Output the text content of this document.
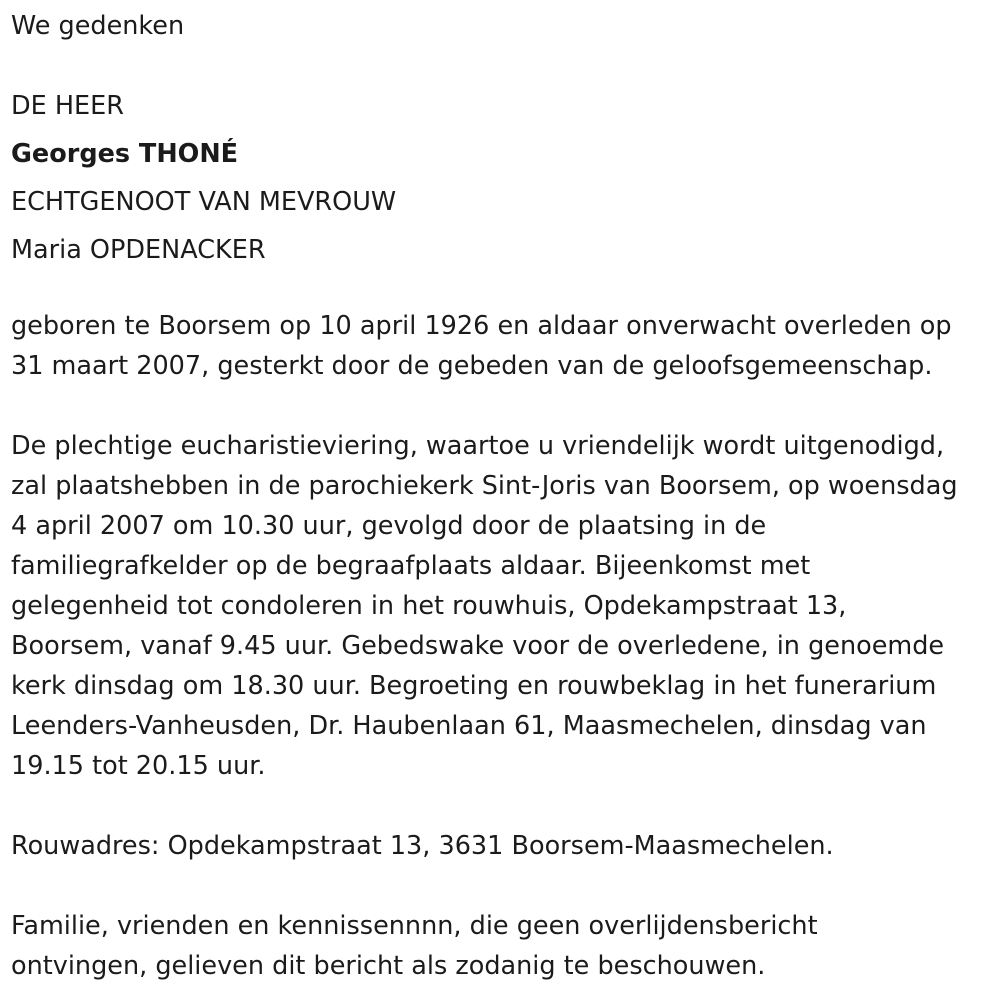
We gedenken

DE HEER

Georges THONÉ

ECHTGENOOT VAN MEVROUW

Maria OPDENACKER

geboren te Boorsem op 10 april 1926 en aldaar onverwacht overleden op
31 maart 2007, gesterkt door de gebeden van de geloofsgemeenschap.

De plechtige eucharistieviering, waartoe u vriendelijk wordt uitgenodigd,
zal plaatshebben in de parochiekerk Sint-Joris van Boorsem, op woensdag
4 april 2007 om 10.30 uur, gevolgd door de plaatsing in de
familiegrafkelder op de begraafplaats aldaar. Bijeenkomst met
gelegenheid tot condoleren in het rouwhuis, Opdekampstraat 13,
Boorsem, vanaf 9.45 uur. Gebedswake voor de overledene, in genoemde
kerk dinsdag om 18.30 uur. Begroeting en rouwbeklag in het funerarium
Leenders-Vanheusden, Dr. Haubenlaan 61, Maasmechelen, dinsdag van
19.15 tot 20.15 uur.

Rouwadres: Opdekampstraat 13, 3631 Boorsem-Maasmechelen.

Familie, vrienden en kennissennnn, die geen overlijdensbericht
ontvingen, gelieven dit bericht als zodanig te beschouwen.
